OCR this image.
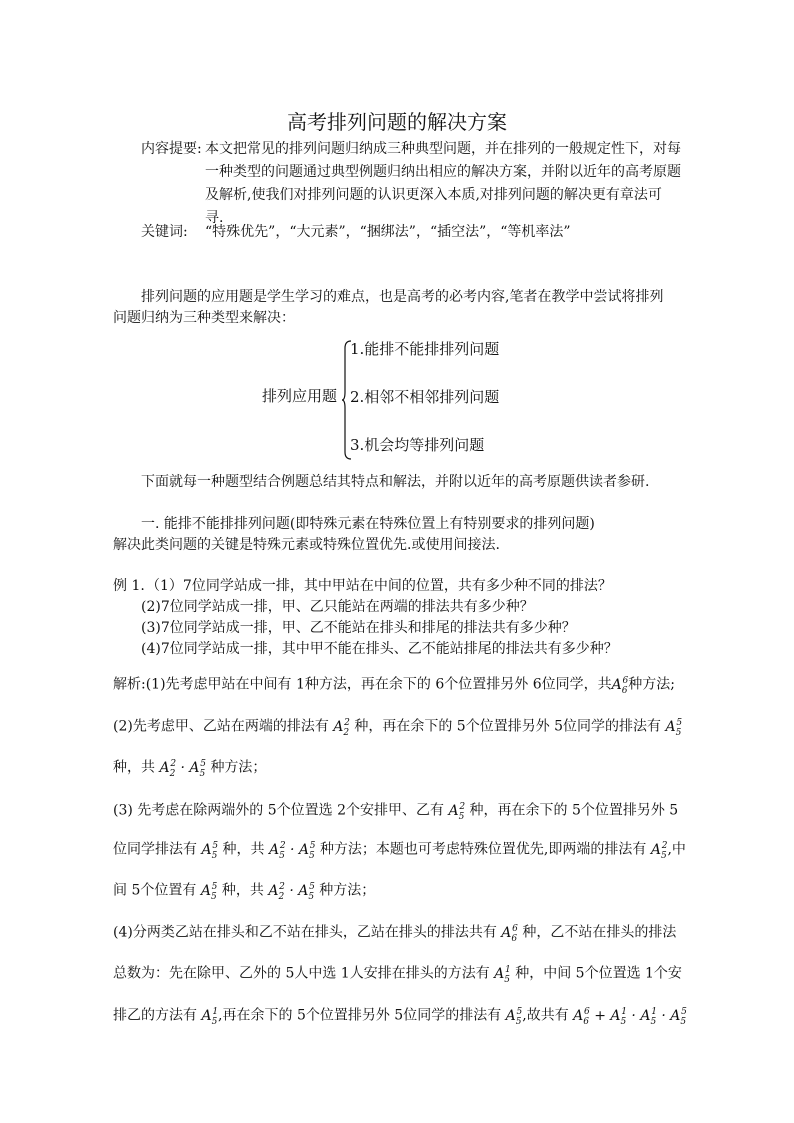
高考排列问题的解决方案
内容提要: 本文把常见的排列问题归纳成三种典型问题，并在排列的一般规定性下，对每
一种类型的问题通过典型例题归纳出相应的解决方案，并附以近年的高考原题
及解析,使我们对排列问题的认识更深入本质,对排列问题的解决更有章法可
寻.
关键词: “特殊优先”，“大元素”，“捆绑法”，“插空法”，“等机率法”
排列问题的应用题是学生学习的难点，也是高考的必考内容,笔者在教学中尝试将排列
问题归纳为三种类型来解决：
排列应用题
1.能排不能排排列问题
2.相邻不相邻排列问题
3.机会均等排列问题
下面就每一种题型结合例题总结其特点和解法，并附以近年的高考原题供读者参研.
一. 能排不能排排列问题(即特殊元素在特殊位置上有特别要求的排列问题)
解决此类问题的关键是特殊元素或特殊位置优先.或使用间接法.
例 1. （1）7位同学站成一排，其中甲站在中间的位置，共有多少种不同的排法？
(2)7位同学站成一排，甲、乙只能站在两端的排法共有多少种？
(3)7位同学站成一排，甲、乙不能站在排头和排尾的排法共有多少种？
(4)7位同学站成一排，其中甲不能在排头、乙不能站排尾的排法共有多少种？
解析:(1)先考虑甲站在中间有 1种方法，再在余下的 6个位置排另外 6位同学，共$A_6^6$种方法;
(2)先考虑甲、乙站在两端的排法有 $A_2^2$ 种，再在余下的 5个位置排另外 5位同学的排法有 $A_5^5$
种，共 $A_2^2 \cdot A_5^5$ 种方法；
(3) 先考虑在除两端外的 5个位置选 2个安排甲、乙有 $A_5^2$ 种，再在余下的 5个位置排另外 5
位同学排法有 $A_5^5$ 种，共 $A_5^2 \cdot A_5^5$ 种方法；本题也可考虑特殊位置优先,即两端的排法有 $A_5^2$,中
间 5个位置有 $A_5^5$ 种，共 $A_2^2 \cdot A_5^5$ 种方法；
(4)分两类乙站在排头和乙不站在排头，乙站在排头的排法共有 $A_6^6$ 种，乙不站在排头的排法
总数为：先在除甲、乙外的 5人中选 1人安排在排头的方法有 $A_5^1$ 种，中间 5个位置选 1个安
排乙的方法有 $A_5^1$,再在余下的 5个位置排另外 5位同学的排法有 $A_5^5$,故共有 $A_6^6 + A_5^1 \cdot A_5^1 \cdot A_5^5$
